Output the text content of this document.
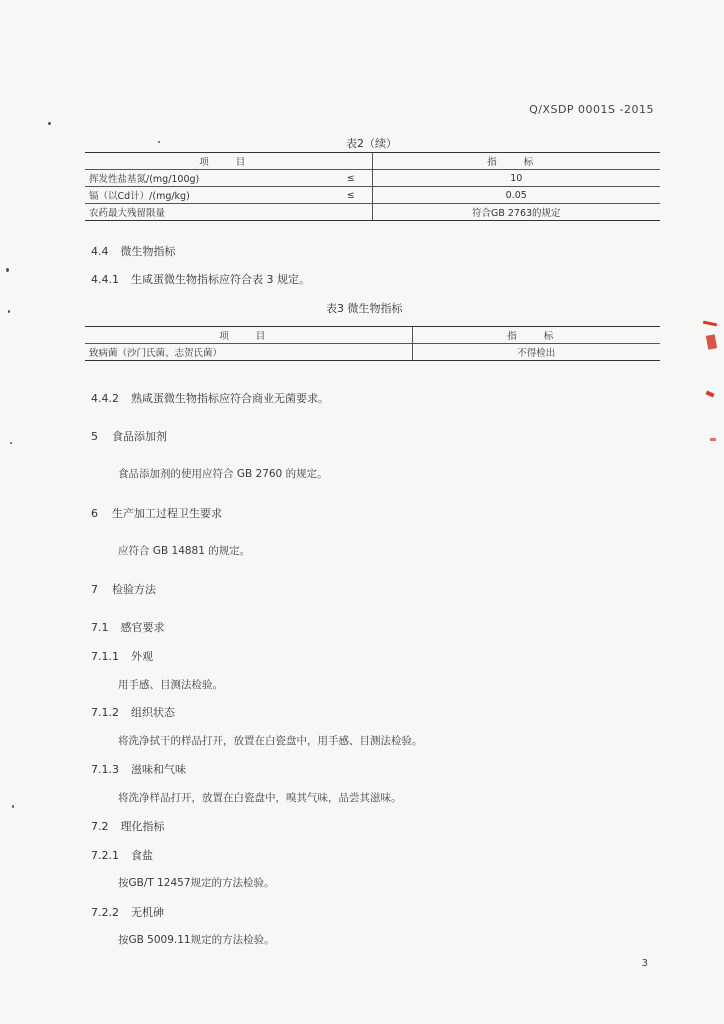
Q/XSDP 0001S -2015
表2（续）
项 目		指 标
挥发性盐基氮/(mg/100g)	≤	10
镉（以Cd计）/(mg/kg)	≤	0.05
农药最大残留限量		符合GB 2763的规定
4.4 微生物指标
4.4.1 生咸蛋微生物指标应符合表 3 规定。
表3 微生物指标
项 目	指 标
致病菌（沙门氏菌、志贺氏菌）	不得检出
4.4.2 熟咸蛋微生物指标应符合商业无菌要求。
5 食品添加剂
食品添加剂的使用应符合 GB 2760 的规定。
6 生产加工过程卫生要求
应符合 GB 14881 的规定。
7 检验方法
7.1 感官要求
7.1.1 外观
用手感、目测法检验。
7.1.2 组织状态
将洗净拭干的样品打开，放置在白瓷盘中，用手感、目测法检验。
7.1.3 滋味和气味
将洗净样品打开，放置在白瓷盘中，嗅其气味，品尝其滋味。
7.2 理化指标
7.2.1 食盐
按GB/T 12457规定的方法检验。
7.2.2 无机砷
按GB 5009.11规定的方法检验。
3
